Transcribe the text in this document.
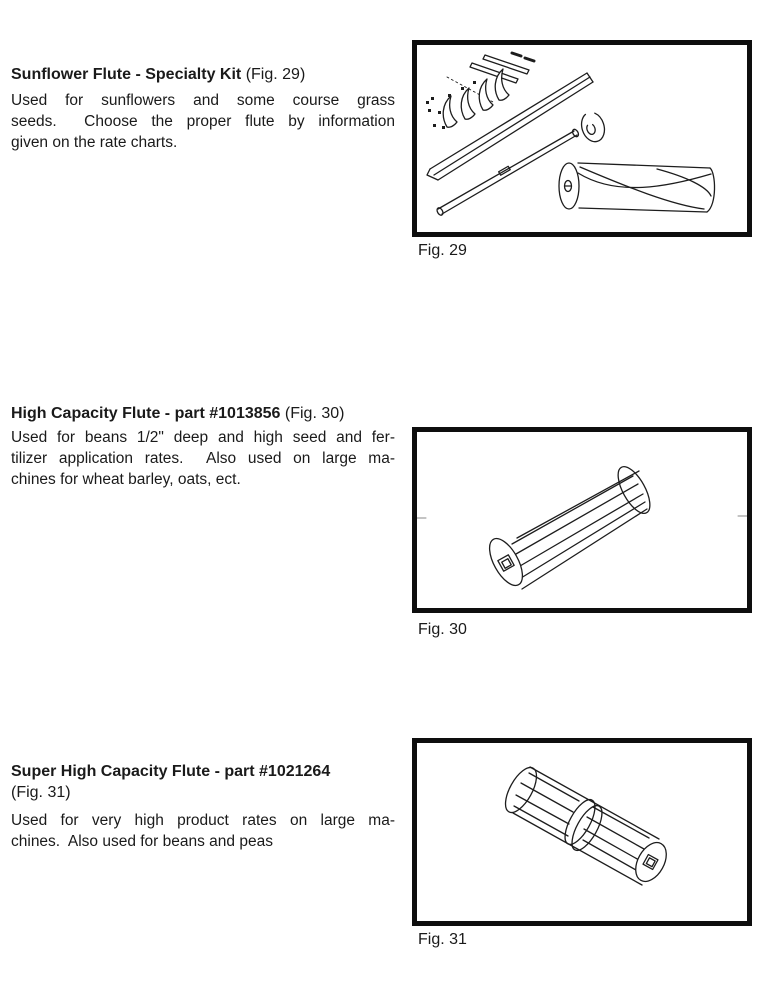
Sunflower Flute - Specialty Kit (Fig. 29)
Used for sunflowers and some course grass
seeds.  Choose the proper flute by information
given on the rate charts.
Fig. 29
High Capacity Flute - part #1013856 (Fig. 30)
Used for beans 1/2" deep and high seed and fer-
tilizer application rates.  Also used on large ma-
chines for wheat barley, oats, ect.
Fig. 30
Super High Capacity Flute - part #1021264
(Fig. 31)
Used for very high product rates on large ma-
chines.  Also used for beans and peas
Fig. 31
